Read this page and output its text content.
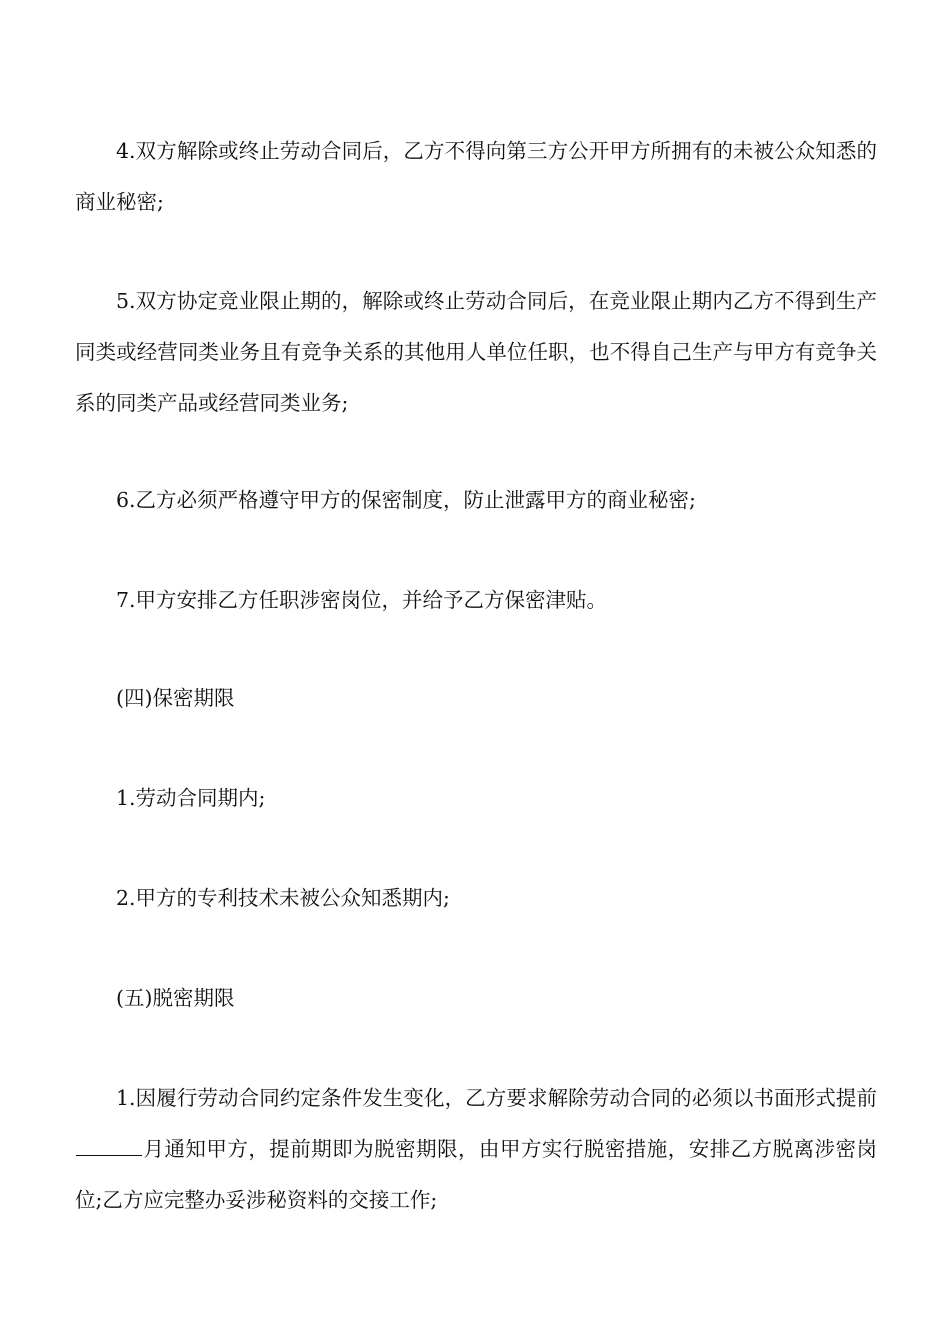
4.双方解除或终止劳动合同后，乙方不得向第三方公开甲方所拥有的未被公众知悉的商业秘密;

5.双方协定竞业限止期的，解除或终止劳动合同后，在竞业限止期内乙方不得到生产同类或经营同类业务且有竞争关系的其他用人单位任职，也不得自己生产与甲方有竞争关系的同类产品或经营同类业务;

6.乙方必须严格遵守甲方的保密制度，防止泄露甲方的商业秘密;

7.甲方安排乙方任职涉密岗位，并给予乙方保密津贴。

(四)保密期限

1.劳动合同期内;

2.甲方的专利技术未被公众知悉期内;

(五)脱密期限

1.因履行劳动合同约定条件发生变化，乙方要求解除劳动合同的必须以书面形式提前月通知甲方，提前期即为脱密期限，由甲方实行脱密措施，安排乙方脱离涉密岗位;乙方应完整办妥涉秘资料的交接工作;
